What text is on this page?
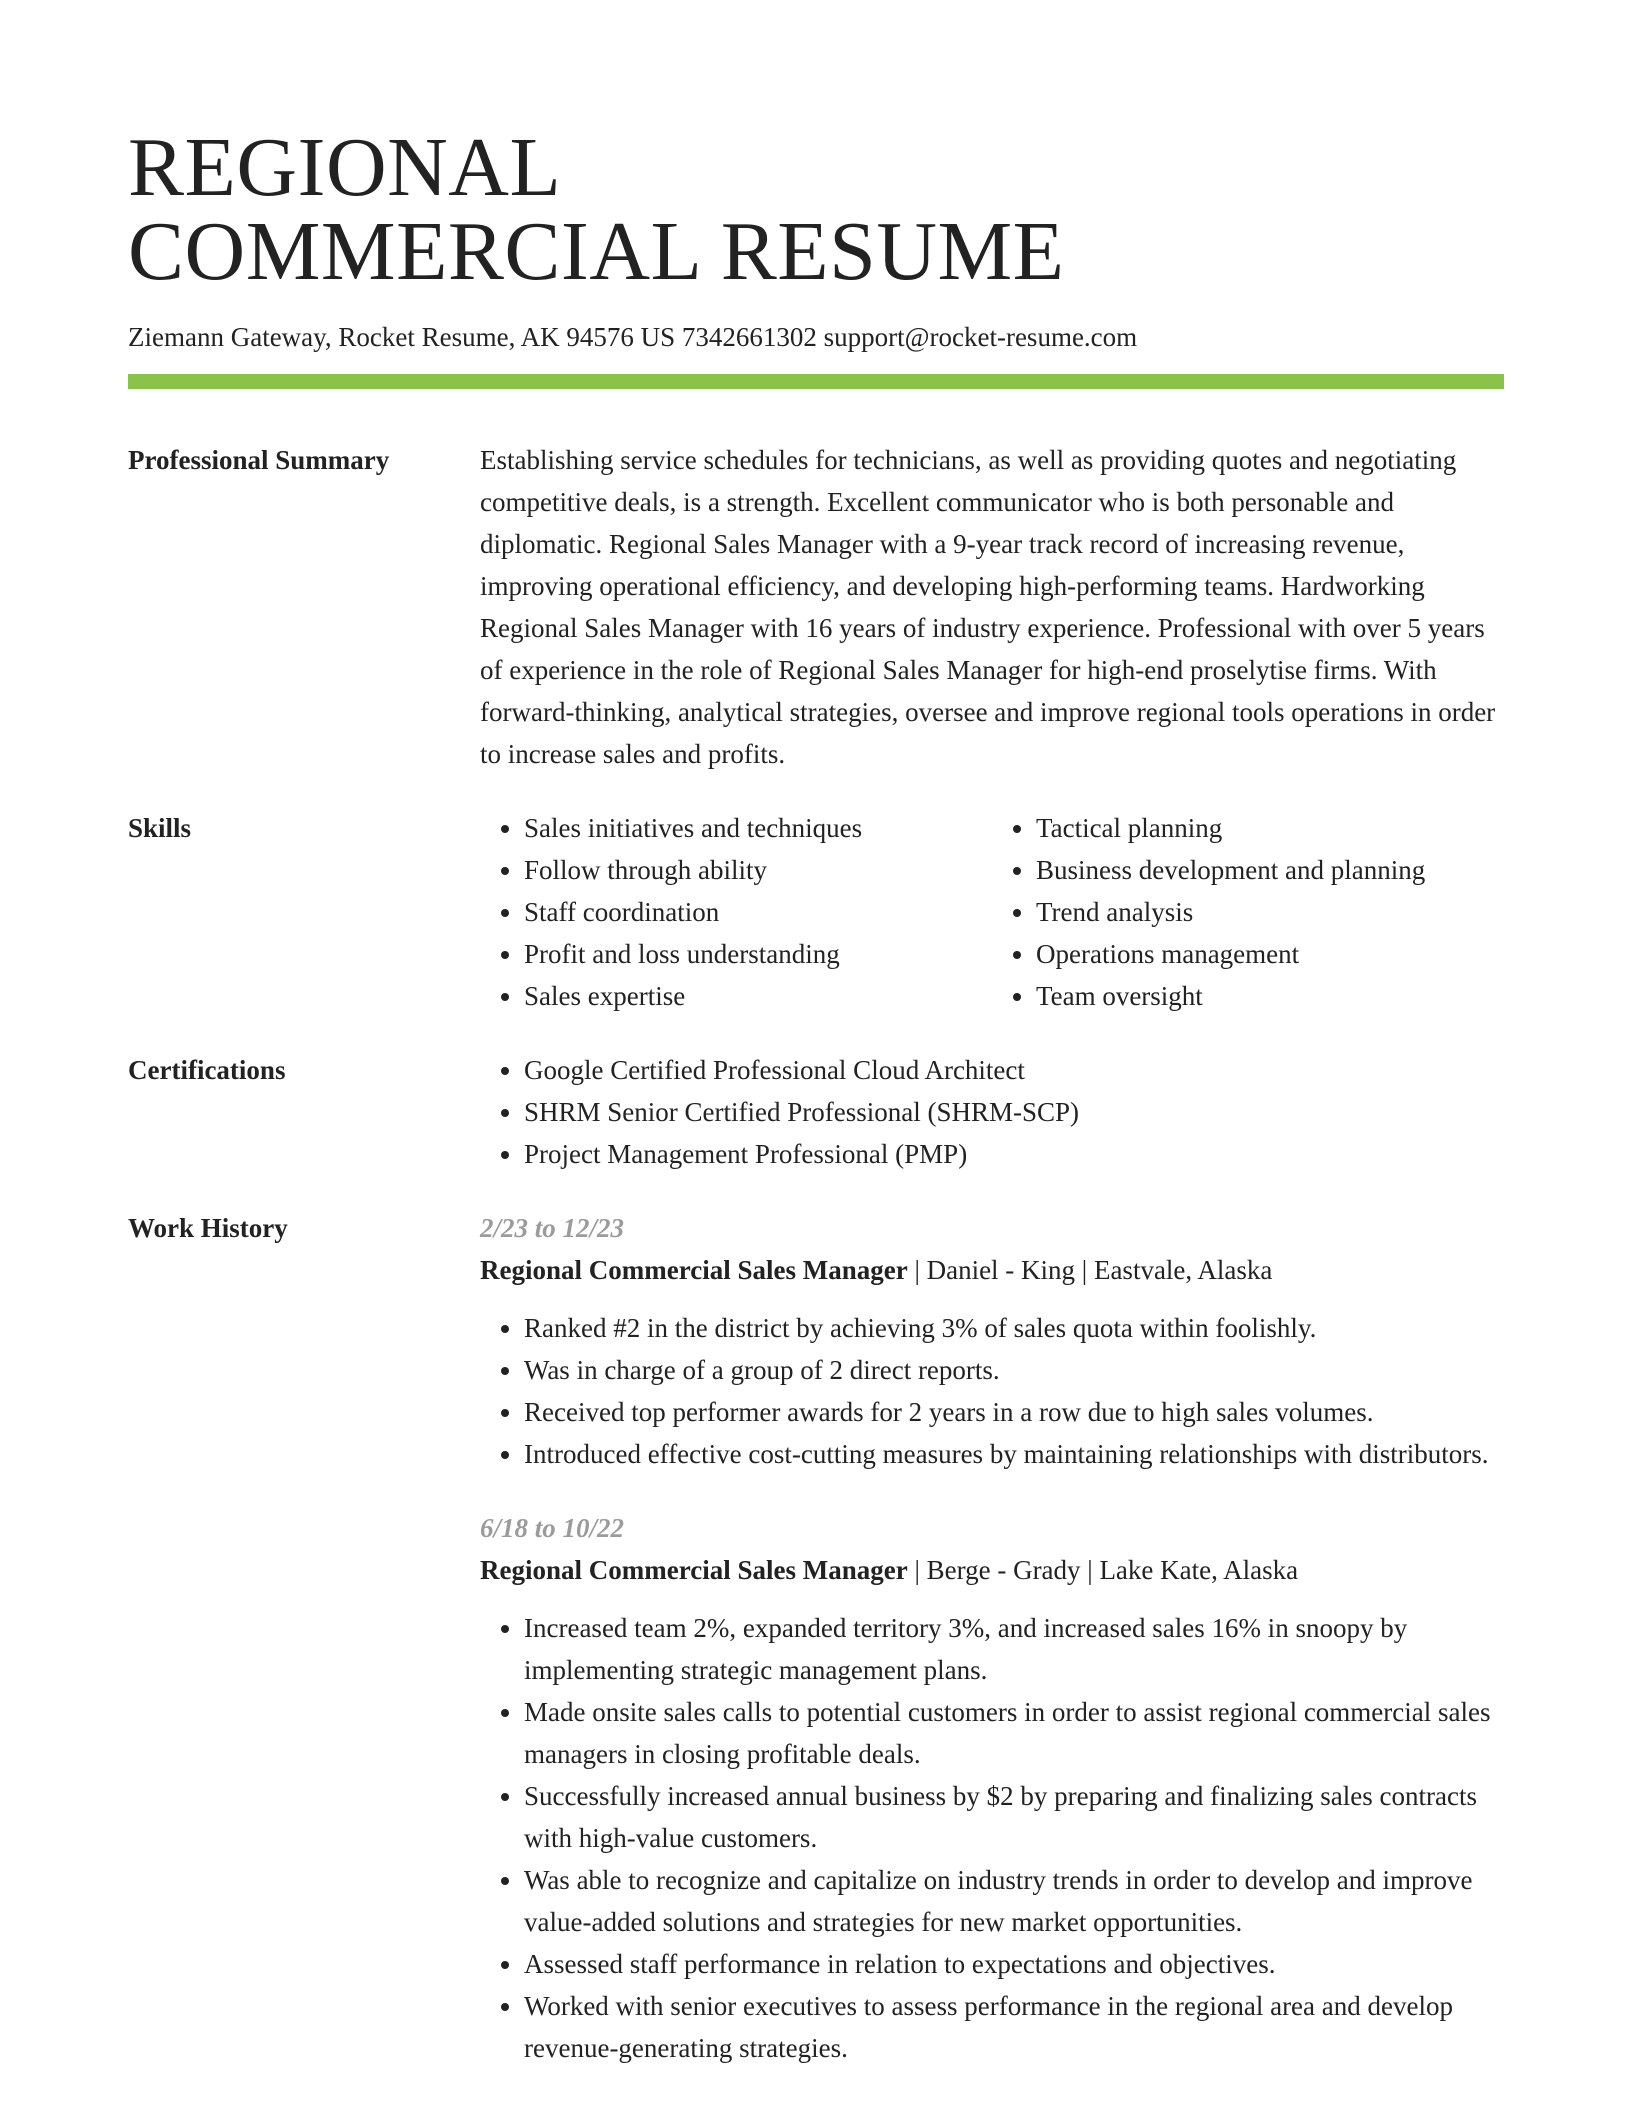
REGIONAL
COMMERCIAL RESUME
Ziemann Gateway, Rocket Resume, AK 94576 US 7342661302 support@rocket-resume.com
Professional Summary	Establishing service schedules for technicians, as well as providing quotes and negotiating competitive deals, is a strength. Excellent communicator who is both personable and diplomatic. Regional Sales Manager with a 9-year track record of increasing revenue, improving operational efficiency, and developing high-performing teams. Hardworking Regional Sales Manager with 16 years of industry experience. Professional with over 5 years of experience in the role of Regional Sales Manager for high-end proselytise firms. With forward-thinking, analytical strategies, oversee and improve regional tools operations in order to increase sales and profits.

Skills	• Sales initiatives and techniques
• Follow through ability
• Staff coordination
• Profit and loss understanding
• Sales expertise
• Tactical planning
• Business development and planning
• Trend analysis
• Operations management
• Team oversight
Certifications	• Google Certified Professional Cloud Architect
• SHRM Senior Certified Professional (SHRM-SCP)
• Project Management Professional (PMP)
Work History	2/23 to 12/23
Regional Commercial Sales Manager | Daniel - King | Eastvale, Alaska
• Ranked #2 in the district by achieving 3% of sales quota within foolishly.
• Was in charge of a group of 2 direct reports.
• Received top performer awards for 2 years in a row due to high sales volumes.
• Introduced effective cost-cutting measures by maintaining relationships with distributors.
6/18 to 10/22
Regional Commercial Sales Manager | Berge - Grady | Lake Kate, Alaska
• Increased team 2%, expanded territory 3%, and increased sales 16% in snoopy by implementing strategic management plans.
• Made onsite sales calls to potential customers in order to assist regional commercial sales managers in closing profitable deals.
• Successfully increased annual business by $2 by preparing and finalizing sales contracts with high-value customers.
• Was able to recognize and capitalize on industry trends in order to develop and improve value-added solutions and strategies for new market opportunities.
• Assessed staff performance in relation to expectations and objectives.
• Worked with senior executives to assess performance in the regional area and develop revenue-generating strategies.
